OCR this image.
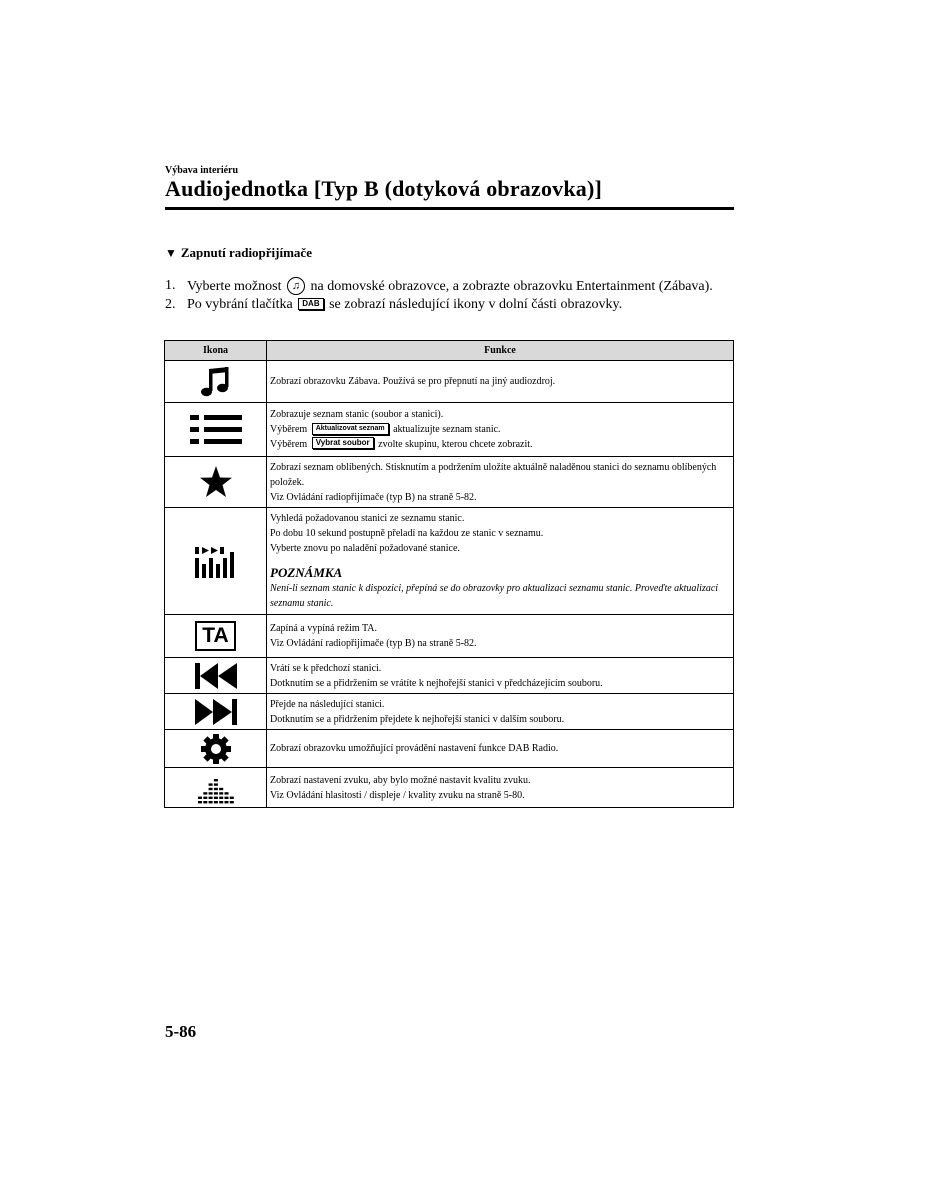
Výbava interiéru
Audiojednotka [Typ B (dotyková obrazovka)]
▼ Zapnutí radiopřijímače
1. Vyberte možnost ♫ na domovské obrazovce, a zobrazte obrazovku Entertainment (Zábava).
2. Po vybrání tlačítka DAB se zobrazí následující ikony v dolní části obrazovky.
Ikona	Funkce

Zobrazí obrazovku Zábava. Používá se pro přepnutí na jiný audiozdroj.

Zobrazuje seznam stanic (soubor a stanici).
Výběrem Aktualizovat seznam aktualizujte seznam stanic.
Výběrem Vybrat soubor zvolte skupinu, kterou chcete zobrazit.

Zobrazí seznam oblíbených. Stisknutím a podržením uložíte aktuálně naladěnou stanici do seznamu oblíbených položek.
Viz Ovládání radiopřijímače (typ B) na straně 5-82.

Vyhledá požadovanou stanici ze seznamu stanic.
Po dobu 10 sekund postupně přeladí na každou ze stanic v seznamu.
Vyberte znovu po naladění požadované stanice.
POZNÁMKA
Není-li seznam stanic k dispozici, přepíná se do obrazovky pro aktualizaci seznamu stanic. Proveďte aktualizaci seznamu stanic.

TA	Zapíná a vypíná režim TA.
Viz Ovládání radiopřijímače (typ B) na straně 5-82.

Vrátí se k předchozí stanici.
Dotknutím se a přidržením se vrátíte k nejhořejší stanici v předcházejícím souboru.

Přejde na následující stanici.
Dotknutím se a přidržením přejdete k nejhořejší stanici v dalším souboru.

Zobrazí obrazovku umožňující provádění nastavení funkce DAB Radio.

Zobrazí nastavení zvuku, aby bylo možné nastavit kvalitu zvuku.
Viz Ovládání hlasitosti / displeje / kvality zvuku na straně 5-80.
5-86
